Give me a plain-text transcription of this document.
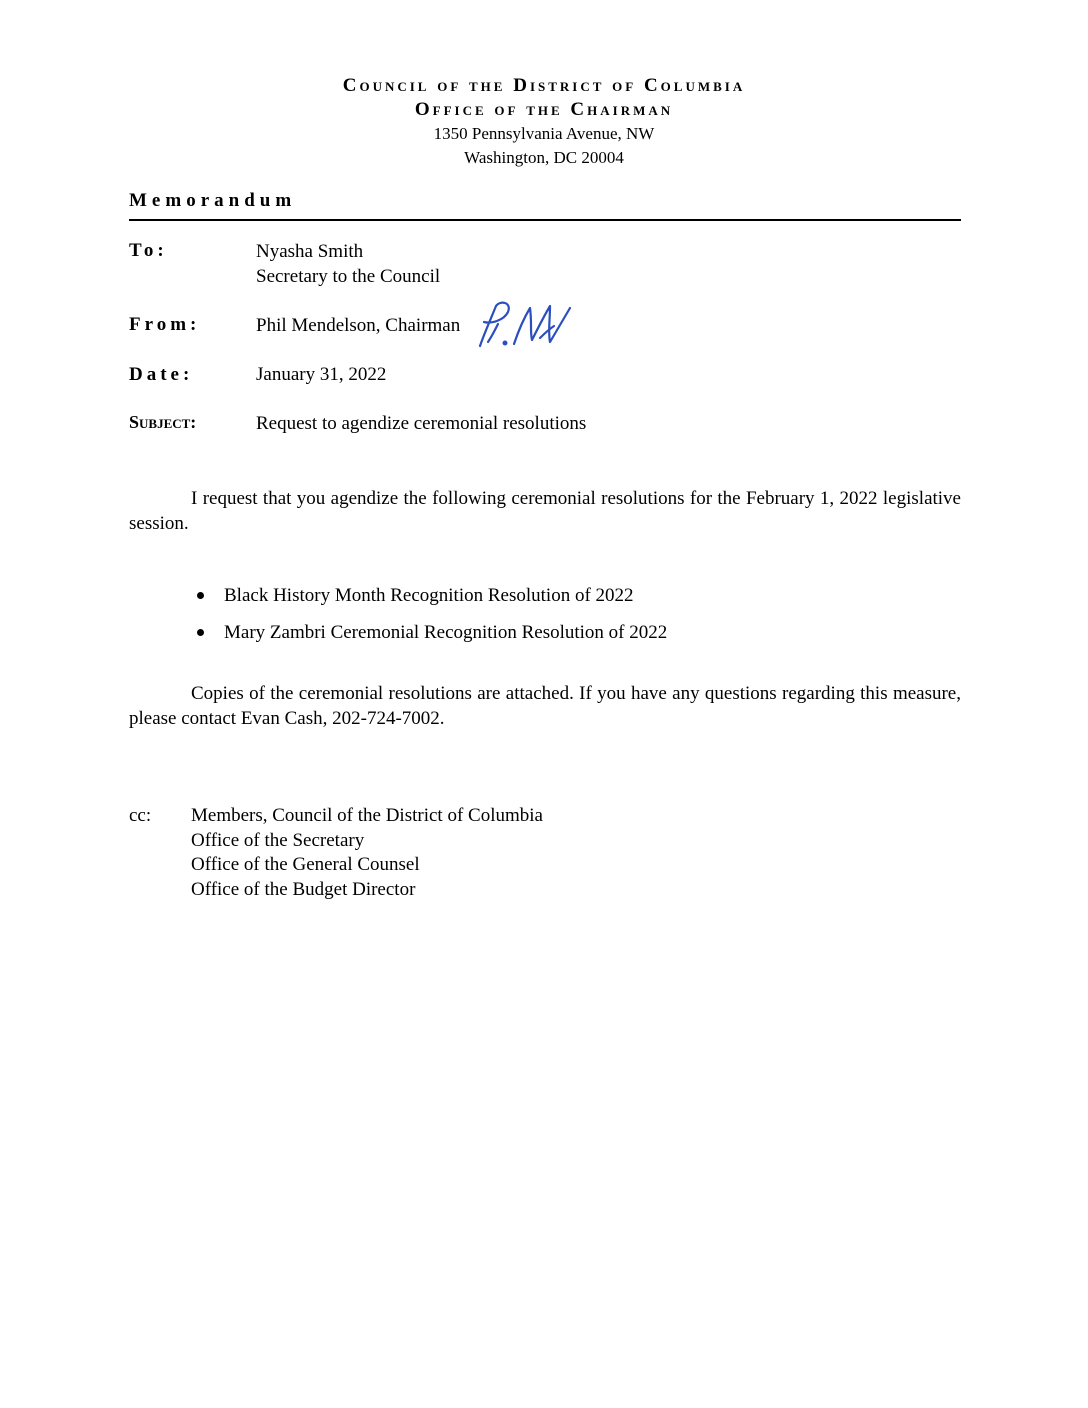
Council of the District of Columbia
Office of the Chairman
1350 Pennsylvania Avenue, NW
Washington, DC 20004
Memorandum
To:	Nyasha Smith
Secretary to the Council
From:	Phil Mendelson, Chairman
Date:	January 31, 2022
Subject:	Request to agendize ceremonial resolutions
I request that you agendize the following ceremonial resolutions for the February 1, 2022 legislative session.
Black History Month Recognition Resolution of 2022
Mary Zambri Ceremonial Recognition Resolution of 2022
Copies of the ceremonial resolutions are attached. If you have any questions regarding this measure, please contact Evan Cash, 202-724-7002.
cc: Members, Council of the District of Columbia
Office of the Secretary
Office of the General Counsel
Office of the Budget Director
